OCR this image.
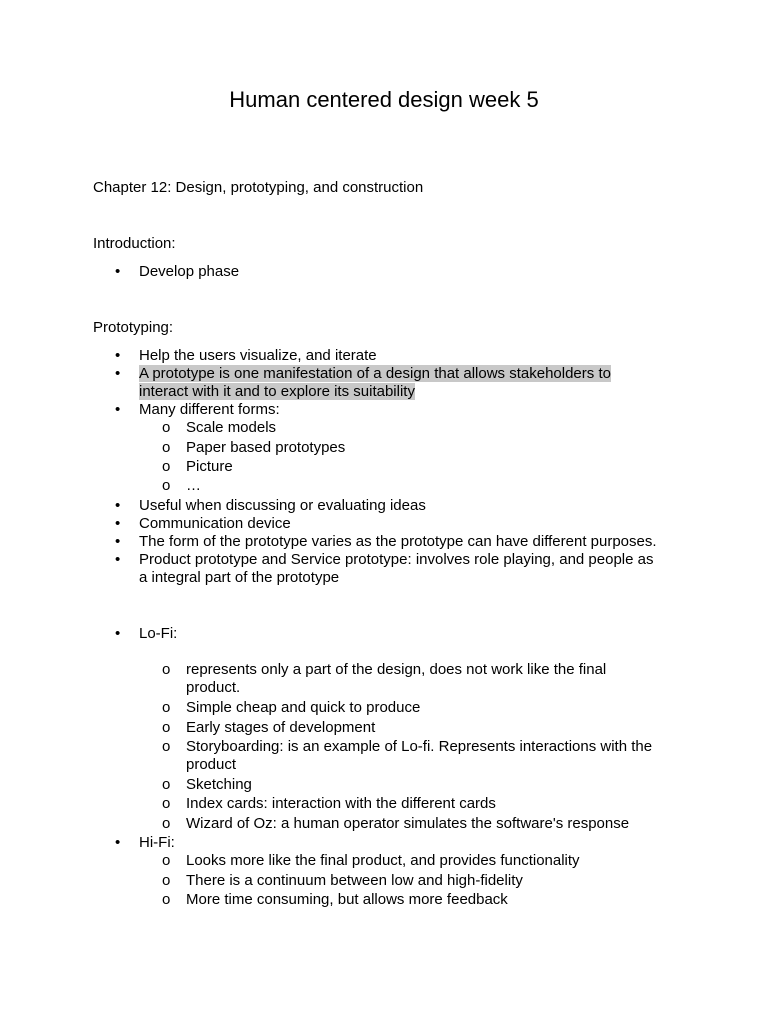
Human centered design week 5
Chapter 12: Design, prototyping, and construction
Introduction:
•	Develop phase
Prototyping:
•	Help the users visualize, and iterate
•	A prototype is one manifestation of a design that allows stakeholders to
interact with it and to explore its suitability
•	Many different forms:
o Scale models
o Paper based prototypes
o Picture
o …
•	Useful when discussing or evaluating ideas
•	Communication device
•	The form of the prototype varies as the prototype can have different purposes.
•	Product prototype and Service prototype: involves role playing, and people as
a integral part of the prototype
•	Lo-Fi:
o represents only a part of the design, does not work like the final
product.
o Simple cheap and quick to produce
o Early stages of development
o Storyboarding: is an example of Lo-fi. Represents interactions with the
product
o Sketching
o Index cards: interaction with the different cards
o Wizard of Oz: a human operator simulates the software's response
•	Hi-Fi:
o Looks more like the final product, and provides functionality
o There is a continuum between low and high-fidelity
o More time consuming, but allows more feedback
